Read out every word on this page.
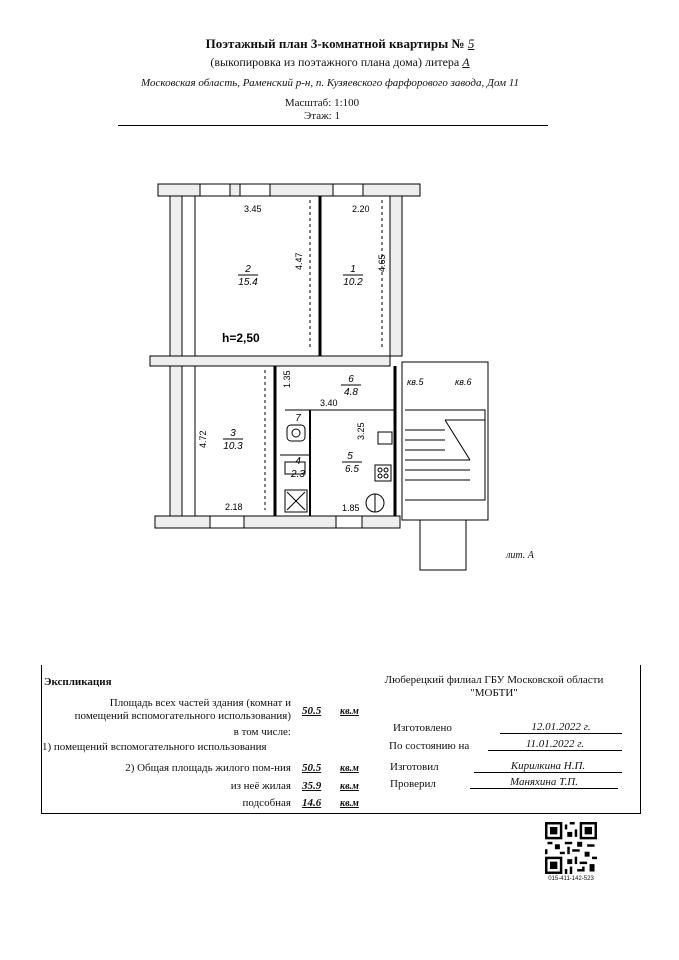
Поэтажный план 3-комнатной квартиры № 5
(выкопировка из поэтажного плана дома) литера А
Московская область, Раменский р-н, п. Кузяевского фарфорового завода, Дом 11
Масштаб: 1:100
Этаж: 1
3.45	2.20
4.47	4.65
4.72
2.18
1.35
3.40
3.25
1.85
1
10.2
2
15.4
3
10.3
4
2.3
5
6.5
6
4.8
7
кв.5	кв.6
h=2,50
лит. А
Экспликация
Площадь всех частей здания (комнат и
помещений вспомогательного использования) 50.5 кв.м
в том числе:
1) помещений вспомогательного использования
2) Общая площадь жилого пом-ния 50.5 кв.м
из неё жилая 35.9 кв.м
подсобная 14.6 кв.м
Люберецкий филиал ГБУ Московской области
"МОБТИ"
Изготовлено	12.01.2022 г.
По состоянию на	11.01.2022 г.
Изготовил	Кирилкина Н.П.
Проверил	Маняхина Т.П.
015-411-142-523
